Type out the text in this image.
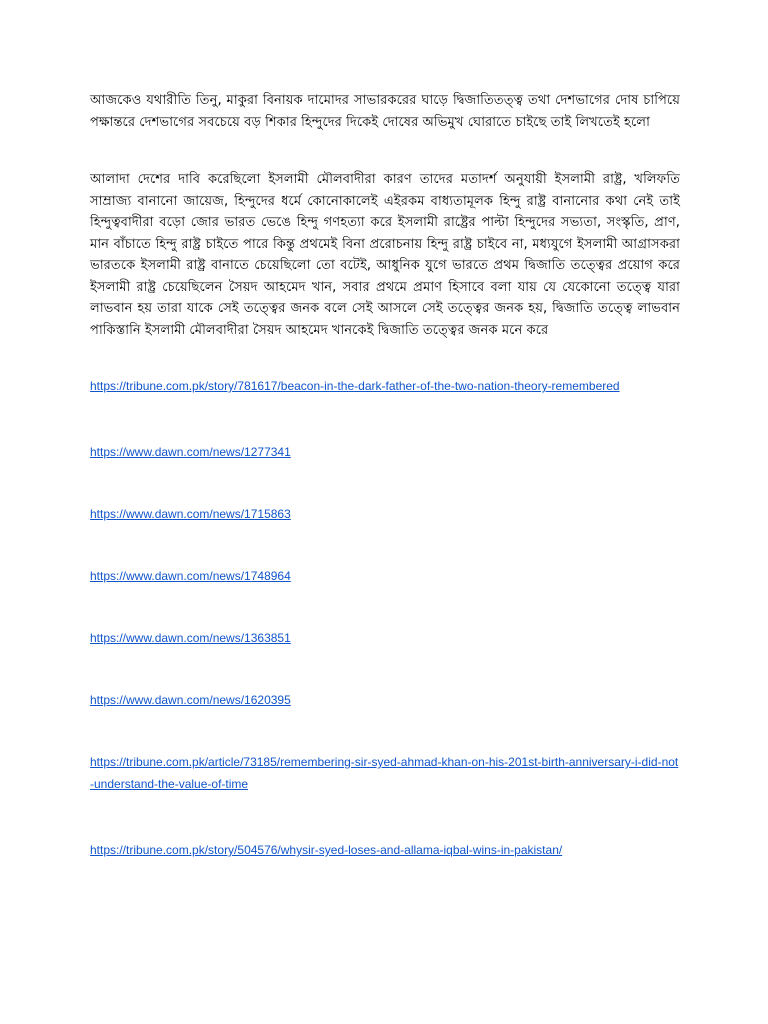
আজকেও যথারীতি তিনু, মাকুরা বিনায়ক দামোদর সাভারকরের ঘাড়ে দ্বিজাতিতত্ত্ব তথা দেশভাগের দোষ চাপিয়ে পক্ষান্তরে দেশভাগের সবচেয়ে বড় শিকার হিন্দুদের দিকেই দোষের অভিমুখ ঘোরাতে চাইছে তাই লিখতেই হলো

আলাদা দেশের দাবি করেছিলো ইসলামী মৌলবাদীরা কারণ তাদের মতাদর্শ অনুযায়ী ইসলামী রাষ্ট্র, খলিফতি সাম্রাজ্য বানানো জায়েজ, হিন্দুদের ধর্মে কোনোকালেই এইরকম বাধ্যতামূলক হিন্দু রাষ্ট্র বানানোর কথা নেই তাই হিন্দুত্ববাদীরা বড়ো জোর ভারত ভেঙে হিন্দু গণহত্যা করে ইসলামী রাষ্ট্রের পাল্টা হিন্দুদের সভ্যতা, সংস্কৃতি, প্রাণ, মান বাঁচাতে হিন্দু রাষ্ট্র চাইতে পারে কিন্তু প্রথমেই বিনা প্ররোচনায় হিন্দু রাষ্ট্র চাইবে না, মধ্যযুগে ইসলামী আগ্রাসকরা ভারতকে ইসলামী রাষ্ট্র বানাতে চেয়েছিলো তো বটেই, আধুনিক যুগে ভারতে প্রথম দ্বিজাতি তত্ত্বের প্রয়োগ করে ইসলামী রাষ্ট্র চেয়েছিলেন সৈয়দ আহমেদ খান, সবার প্রথমে প্রমাণ হিসাবে বলা যায় যে যেকোনো তত্ত্বে যারা লাভবান হয় তারা যাকে সেই তত্ত্বের জনক বলে সেই আসলে সেই তত্ত্বের জনক হয়, দ্বিজাতি তত্ত্বে লাভবান পাকিস্তানি ইসলামী মৌলবাদীরা সৈয়দ আহমেদ খানকেই দ্বিজাতি তত্ত্বের জনক মনে করে

https://tribune.com.pk/story/781617/beacon-in-the-dark-father-of-the-two-nation-theory-remembered
https://www.dawn.com/news/1277341
https://www.dawn.com/news/1715863
https://www.dawn.com/news/1748964
https://www.dawn.com/news/1363851
https://www.dawn.com/news/1620395
https://tribune.com.pk/article/73185/remembering-sir-syed-ahmad-khan-on-his-201st-birth-anniversary-i-did-not-understand-the-value-of-time
https://tribune.com.pk/story/504576/whysir-syed-loses-and-allama-iqbal-wins-in-pakistan/
